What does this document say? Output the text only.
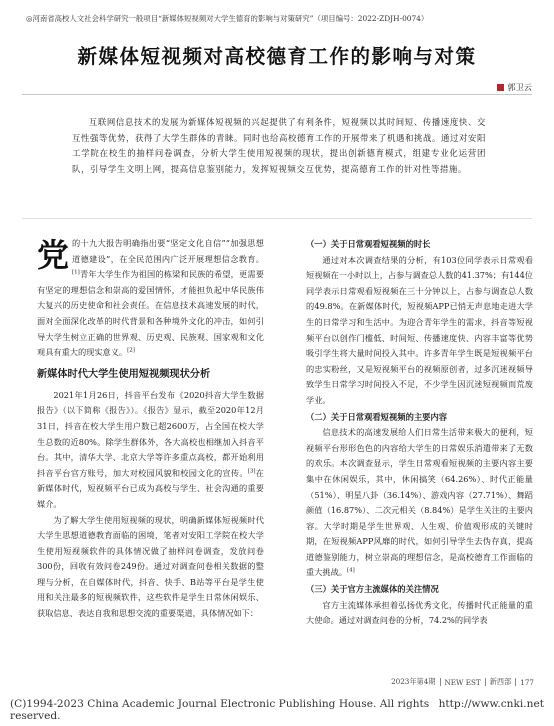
◎河南省高校人文社会科学研究一般项目“新媒体短视频对大学生德育的影响与对策研究”（项目编号：2022-ZDJH-0074）
新媒体短视频对高校德育工作的影响与对策
郭卫云
互联网信息技术的发展为新媒体短视频的兴起提供了有利条件，短视频以其时间短、传播速度快、交互性强等优势，获得了大学生群体的青睐。同时也给高校德育工作的开展带来了机遇和挑战。通过对安阳工学院在校生的抽样问卷调查，分析大学生使用短视频的现状，提出创新德育模式，组建专业化运营团队，引导学生文明上网，提高信息鉴别能力，发挥短视频交互优势，提高德育工作的针对性等措施。

党的十九大报告明确指出要“坚定文化自信”“加强思想道德建设”，在全民范围内广泛开展理想信念教育。[1]青年大学生作为祖国的栋梁和民族的希望，更需要有坚定的理想信念和崇高的爱国情怀，才能担负起中华民族伟大复兴的历史使命和社会责任。在信息技术高速发展的时代，面对全面深化改革的时代背景和各种境外文化的冲击，如何引导大学生树立正确的世界观、历史观、民族观、国家观和文化观具有重大的现实意义。[2]

新媒体时代大学生使用短视频现状分析

2021年1月26日，抖音平台发布《2020抖音大学生数据报告》（以下简称《报告》）。《报告》显示，截至2020年12月31日，抖音在校大学生用户数已超2600万，占全国在校大学生总数的近80%。除学生群体外，各大高校也相继加入抖音平台。其中，清华大学、北京大学等许多重点高校，都开始利用抖音平台官方账号，加大对校园风貌和校园文化的宣传。[3]在新媒体时代，短视频平台已成为高校与学生、社会沟通的重要媒介。

为了解大学生使用短视频的现状，明确新媒体短视频时代大学生思想道德教育面临的困境，笔者对安阳工学院在校大学生使用短视频软件的具体情况做了抽样问卷调查，发放问卷300份，回收有效问卷249份。通过对调查问卷相关数据的整理与分析，在自媒体时代，抖音、快手、B站等平台是学生使用和关注最多的短视频软件，这些软件是学生日常休闲娱乐、获取信息、表达自我和思想交流的重要渠道，具体情况如下：

（一）关于日常观看短视频的时长

通过对本次调查结果的分析，有103位同学表示日常观看短视频在一小时以上，占参与调查总人数的41.37%；有144位同学表示日常观看短视频在三十分钟以上，占参与调查总人数的49.8%。在新媒体时代，短视频APP已悄无声息地走进大学生的日常学习和生活中。为迎合青年学生的需求，抖音等短视频平台以创作门槛低、时间短、传播速度快、内容丰富等优势吸引学生将大量时间投入其中。许多青年学生既是短视频平台的忠实粉丝，又是短视频平台的视频原创者，过多沉迷视频导致学生日常学习时间投入不足，不少学生因沉迷短视频而荒废学业。

（二）关于日常观看短视频的主要内容

信息技术的高速发展给人们日常生活带来极大的便利，短视频平台形形色色的内容给大学生的日常娱乐消遣带来了无数的欢乐。本次调查显示，学生日常观看短视频的主要内容主要集中在休闲娱乐，其中，休闲搞笑（64.26%）、时代正能量（51%）、明星八卦（36.14%）、游戏内容（27.71%）、舞蹈颜值（16.87%）、二次元相关（8.84%）是学生关注的主要内容。大学时期是学生世界观、人生观、价值观形成的关键时期，在短视频APP风靡的时代，如何引导学生去伪存真，提高道德鉴别能力，树立崇高的理想信念，是高校德育工作面临的重大挑战。[4]

（三）关于官方主流媒体的关注情况

官方主流媒体承担着弘扬优秀文化，传播时代正能量的重大使命。通过对调查问卷的分析，74.2%的同学表

2023年第4期 NEW EST 新西部 177
(C)1994-2023 China Academic Journal Electronic Publishing House. All rights reserved.
http://www.cnki.net
